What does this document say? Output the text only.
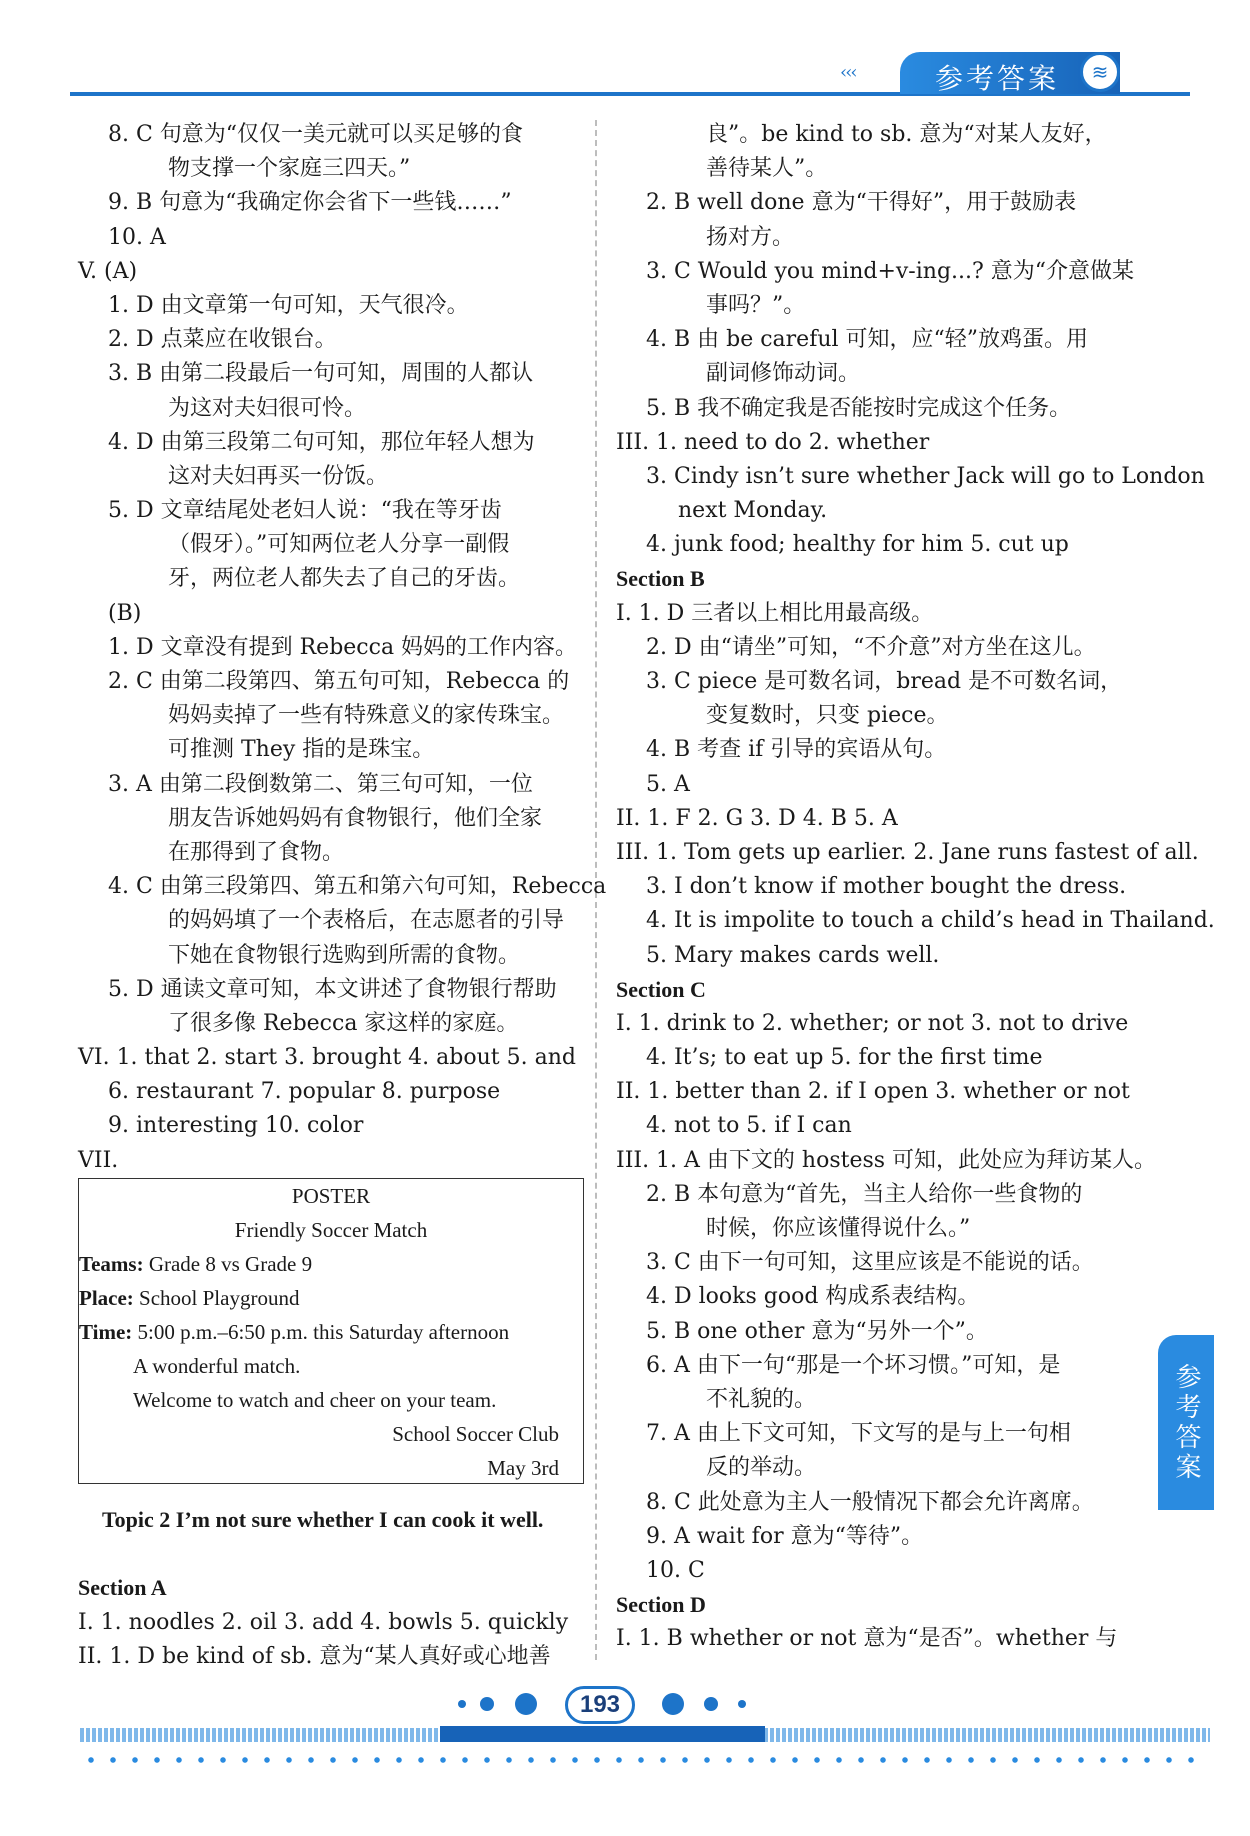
‹‹‹	参考答案	≋
8. C 句意为“仅仅一美元就可以买足够的食
物支撑一个家庭三四天。”
9. B 句意为“我确定你会省下一些钱……”
10. A
V. (A)
1. D 由文章第一句可知，天气很冷。
2. D 点菜应在收银台。
3. B 由第二段最后一句可知，周围的人都认
为这对夫妇很可怜。
4. D 由第三段第二句可知，那位年轻人想为
这对夫妇再买一份饭。
5. D 文章结尾处老妇人说：“我在等牙齿
（假牙）。”可知两位老人分享一副假
牙，两位老人都失去了自己的牙齿。
(B)
1. D 文章没有提到 Rebecca 妈妈的工作内容。
2. C 由第二段第四、第五句可知，Rebecca 的
妈妈卖掉了一些有特殊意义的家传珠宝。
可推测 They 指的是珠宝。
3. A 由第二段倒数第二、第三句可知，一位
朋友告诉她妈妈有食物银行，他们全家
在那得到了食物。
4. C 由第三段第四、第五和第六句可知，Rebecca
的妈妈填了一个表格后，在志愿者的引导
下她在食物银行选购到所需的食物。
5. D 通读文章可知，本文讲述了食物银行帮助
了很多像 Rebecca 家这样的家庭。
VI. 1. that 2. start 3. brought 4. about 5. and
6. restaurant 7. popular 8. purpose
9. interesting 10. color
VII.
POSTER
Friendly Soccer Match
Teams: Grade 8 vs Grade 9
Place: School Playground
Time: 5:00 p.m.–6:50 p.m. this Saturday afternoon
A wonderful match.
Welcome to watch and cheer on your team.
School Soccer Club
May 3rd
Topic 2 I’m not sure whether I can cook it well.
Section A
I. 1. noodles 2. oil 3. add 4. bowls 5. quickly
II. 1. D be kind of sb. 意为“某人真好或心地善
良”。be kind to sb. 意为“对某人友好，
善待某人”。
2. B well done 意为“干得好”，用于鼓励表
扬对方。
3. C Would you mind+v-ing...? 意为“介意做某
事吗？”。
4. B 由 be careful 可知，应“轻”放鸡蛋。用
副词修饰动词。
5. B 我不确定我是否能按时完成这个任务。
III. 1. need to do 2. whether
3. Cindy isn’t sure whether Jack will go to London
next Monday.
4. junk food; healthy for him 5. cut up
Section B
I. 1. D 三者以上相比用最高级。
2. D 由“请坐”可知，“不介意”对方坐在这儿。
3. C piece 是可数名词，bread 是不可数名词，
变复数时，只变 piece。
4. B 考查 if 引导的宾语从句。
5. A
II. 1. F 2. G 3. D 4. B 5. A
III. 1. Tom gets up earlier. 2. Jane runs fastest of all.
3. I don’t know if mother bought the dress.
4. It is impolite to touch a child’s head in Thailand.
5. Mary makes cards well.
Section C
I. 1. drink to 2. whether; or not 3. not to drive
4. It’s; to eat up 5. for the first time
II. 1. better than 2. if I open 3. whether or not
4. not to 5. if I can
III. 1. A 由下文的 hostess 可知，此处应为拜访某人。
2. B 本句意为“首先，当主人给你一些食物的
时候，你应该懂得说什么。”
3. C 由下一句可知，这里应该是不能说的话。
4. D looks good 构成系表结构。
5. B one other 意为“另外一个”。
6. A 由下一句“那是一个坏习惯。”可知，是
不礼貌的。
7. A 由上下文可知，下文写的是与上一句相
反的举动。
8. C 此处意为主人一般情况下都会允许离席。
9. A wait for 意为“等待”。
10. C
Section D
I. 1. B whether or not 意为“是否”。whether 与
参考答案
193
